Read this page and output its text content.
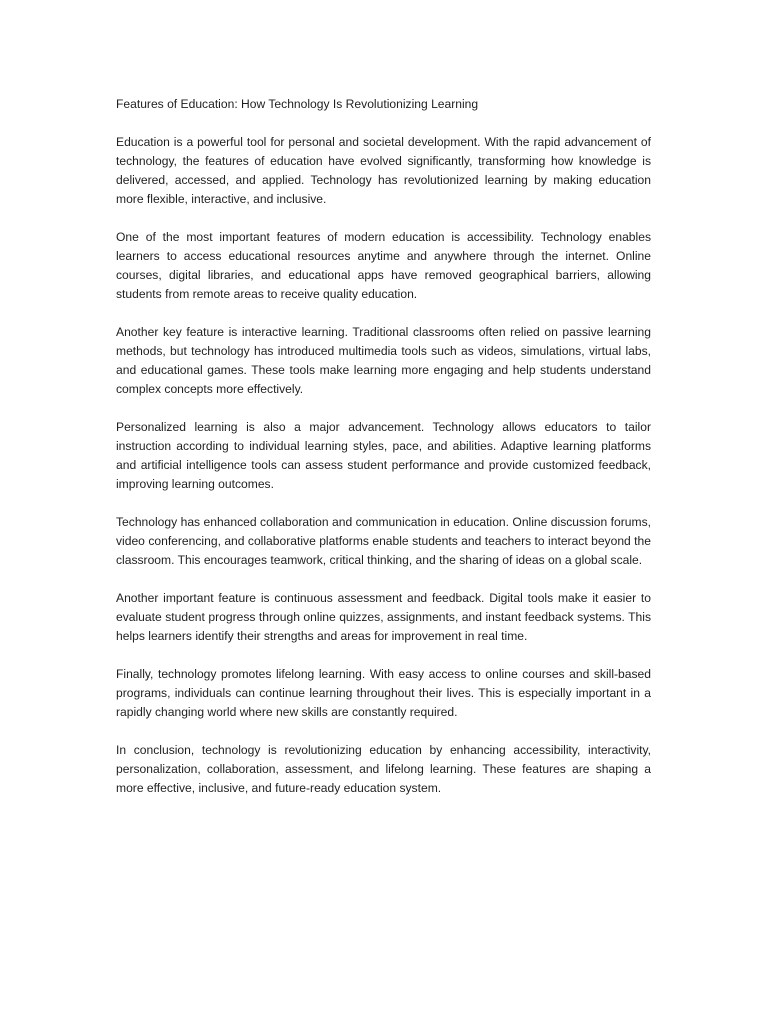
Features of Education: How Technology Is Revolutionizing Learning

Education is a powerful tool for personal and societal development. With the rapid advancement of technology, the features of education have evolved significantly, transforming how knowledge is delivered, accessed, and applied. Technology has revolutionized learning by making education more flexible, interactive, and inclusive.

One of the most important features of modern education is accessibility. Technology enables learners to access educational resources anytime and anywhere through the internet. Online courses, digital libraries, and educational apps have removed geographical barriers, allowing students from remote areas to receive quality education.

Another key feature is interactive learning. Traditional classrooms often relied on passive learning methods, but technology has introduced multimedia tools such as videos, simulations, virtual labs, and educational games. These tools make learning more engaging and help students understand complex concepts more effectively.

Personalized learning is also a major advancement. Technology allows educators to tailor instruction according to individual learning styles, pace, and abilities. Adaptive learning platforms and artificial intelligence tools can assess student performance and provide customized feedback, improving learning outcomes.

Technology has enhanced collaboration and communication in education. Online discussion forums, video conferencing, and collaborative platforms enable students and teachers to interact beyond the classroom. This encourages teamwork, critical thinking, and the sharing of ideas on a global scale.

Another important feature is continuous assessment and feedback. Digital tools make it easier to evaluate student progress through online quizzes, assignments, and instant feedback systems. This helps learners identify their strengths and areas for improvement in real time.

Finally, technology promotes lifelong learning. With easy access to online courses and skill-based programs, individuals can continue learning throughout their lives. This is especially important in a rapidly changing world where new skills are constantly required.

In conclusion, technology is revolutionizing education by enhancing accessibility, interactivity, personalization, collaboration, assessment, and lifelong learning. These features are shaping a more effective, inclusive, and future-ready education system.
